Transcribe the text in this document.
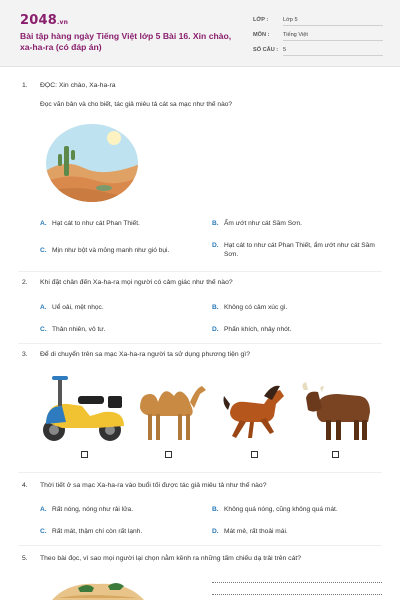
2048.vn
Bài tập hàng ngày Tiếng Việt lớp 5 Bài 16. Xin chào, xa-ha-ra (có đáp án)
LỚP :	Lớp 5
MÔN : Tiếng Việt
SỐ CÂU : 5
1. ĐỌC: Xin chào, Xa-ha-ra
Đọc văn bản và cho biết, tác giả miêu tả cát sa mạc như thế nào?
A. Hạt cát to như cát Phan Thiết.	B. Ẩm ướt như cát Sầm Sơn.
C. Mịn như bột và mỏng manh như gió bụi.
D. Hạt cát to như cát Phan Thiết, ẩm ướt như cát Sầm Sơn.
2. Khi đặt chân đến Xa-ha-ra mọi người có cảm giác như thế nào?
A. Uể oải, mệt nhọc.	B. Không có cảm xúc gì.
C. Thản nhiên, vô tư.	D. Phấn khích, nhảy nhót.
3. Để di chuyển trên sa mạc Xa-ha-ra người ta sử dụng phương tiện gì?
4. Thời tiết ở sa mạc Xa-ha-ra vào buổi tối được tác giả miêu tả như thế nào?
A. Rất nóng, nóng như rải lửa.	B. Không quá nóng, cũng không quá mát.
C. Rất mát, thậm chí còn rất lạnh.	D. Mát mẻ, rất thoải mái.
5. Theo bài đọc, vì sao mọi người lại chọn nằm kềnh ra những tấm chiếu dạ trải trên cát?
